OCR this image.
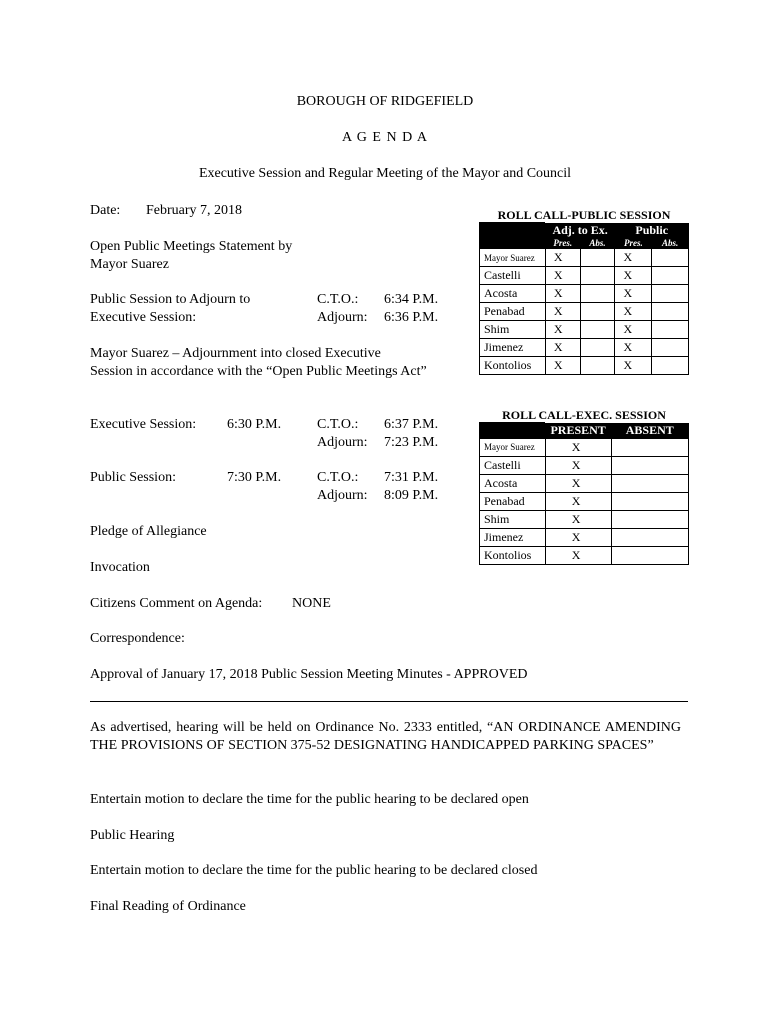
BOROUGH OF RIDGEFIELD
A G E N D A
Executive Session and Regular Meeting of the Mayor and Council
Date: February 7, 2018
Open Public Meetings Statement by
Mayor Suarez
Public Session to Adjourn to
Executive Session:
C.T.O.: 6:34 P.M.
Adjourn: 6:36 P.M.
Mayor Suarez – Adjournment into closed Executive
Session in accordance with the “Open Public Meetings Act”
Executive Session: 6:30 P.M.	C.T.O.: 6:37 P.M.
Adjourn: 7:23 P.M.
Public Session:	7:30 P.M.	C.T.O.: 7:31 P.M.
Adjourn: 8:09 P.M.
Pledge of Allegiance
Invocation
Citizens Comment on Agenda: NONE
Correspondence:
Approval of January 17, 2018 Public Session Meeting Minutes - APPROVED
As advertised, hearing will be held on Ordinance No. 2333 entitled, “AN ORDINANCE AMENDING THE PROVISIONS OF SECTION 375-52 DESIGNATING HANDICAPPED PARKING SPACES”
Entertain motion to declare the time for the public hearing to be declared open
Public Hearing
Entertain motion to declare the time for the public hearing to be declared closed
Final Reading of Ordinance
ROLL CALL-PUBLIC SESSION
	Adj. to Ex.		Public	
	Pres.	Abs.	Pres.	Abs.
Mayor Suarez	X		X	
Castelli	X		X	
Acosta	X		X	
Penabad	X		X	
Shim	X		X	
Jimenez	X		X	
Kontolios	X		X	
ROLL CALL-EXEC. SESSION
	PRESENT	ABSENT
Mayor Suarez	X	
Castelli	X	
Acosta	X	
Penabad	X	
Shim	X	
Jimenez	X	
Kontolios	X	
